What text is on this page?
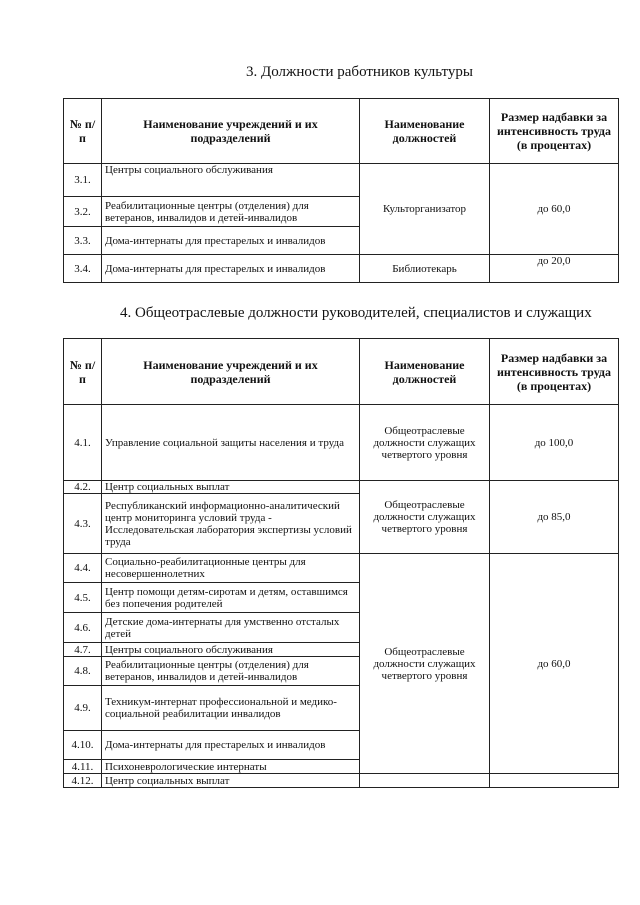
3. Должности работников культуры
№ п/п	Наименование учреждений и их подразделений	Наименование должностей	Размер надбавки за интенсивность труда (в процентах)
3.1.	Центры социального обслуживания	Культорганизатор	до 60,0
3.2.	Реабилитационные центры (отделения) для ветеранов, инвалидов и детей-инвалидов		
3.3.	Дома-интернаты для престарелых и инвалидов		
3.4.	Дома-интернаты для престарелых и инвалидов	Библиотекарь	до 20,0
4. Общеотраслевые должности руководителей, специалистов и служащих
№ п/п	Наименование учреждений и их подразделений	Наименование должностей	Размер надбавки за интенсивность труда (в процентах)
4.1.	Управление социальной защиты населения и труда	Общеотраслевые должности служащих четвертого уровня	до 100,0
4.2.	Центр социальных выплат	Общеотраслевые должности служащих четвертого уровня	до 85,0
4.3.	Республиканский информационно-аналитический центр мониторинга условий труда - Исследовательская лаборатория экспертизы условий труда		
4.4.	Социально-реабилитационные центры для несовершеннолетних	Общеотраслевые должности служащих четвертого уровня	до 60,0
4.5.	Центр помощи детям-сиротам и детям, оставшимся без попечения родителей		
4.6.	Детские дома-интернаты для умственно отсталых детей		
4.7.	Центры социального обслуживания		
4.8.	Реабилитационные центры (отделения) для ветеранов, инвалидов и детей-инвалидов		
4.9.	Техникум-интернат профессиональной и медико-социальной реабилитации инвалидов		
4.10.	Дома-интернаты для престарелых и инвалидов		
4.11.	Психоневрологические интернаты		
4.12.	Центр социальных выплат		
